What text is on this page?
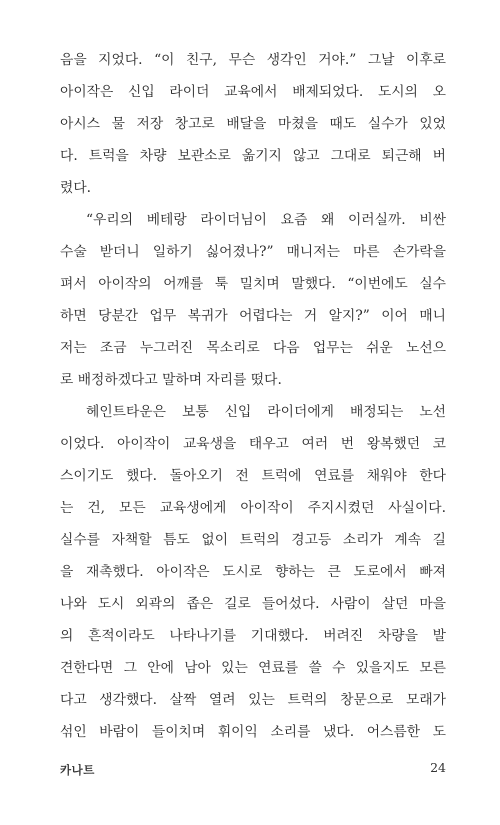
음을 지었다. “이 친구, 무슨 생각인 거야.” 그날 이후로
아이작은 신입 라이더 교육에서 배제되었다. 도시의 오
아시스 물 저장 창고로 배달을 마쳤을 때도 실수가 있었
다. 트럭을 차량 보관소로 옮기지 않고 그대로 퇴근해 버
렸다.
“우리의 베테랑 라이더님이 요즘 왜 이러실까. 비싼
수술 받더니 일하기 싫어졌나?” 매니저는 마른 손가락을
펴서 아이작의 어깨를 툭 밀치며 말했다. “이번에도 실수
하면 당분간 업무 복귀가 어렵다는 거 알지?” 이어 매니
저는 조금 누그러진 목소리로 다음 업무는 쉬운 노선으
로 배정하겠다고 말하며 자리를 떴다.
헤인트타운은 보통 신입 라이더에게 배정되는 노선
이었다. 아이작이 교육생을 태우고 여러 번 왕복했던 코
스이기도 했다. 돌아오기 전 트럭에 연료를 채워야 한다
는 건, 모든 교육생에게 아이작이 주지시켰던 사실이다.
실수를 자책할 틈도 없이 트럭의 경고등 소리가 계속 길
을 재촉했다. 아이작은 도시로 향하는 큰 도로에서 빠져
나와 도시 외곽의 좁은 길로 들어섰다. 사람이 살던 마을
의 흔적이라도 나타나기를 기대했다. 버려진 차량을 발
견한다면 그 안에 남아 있는 연료를 쓸 수 있을지도 모른
다고 생각했다. 살짝 열려 있는 트럭의 창문으로 모래가
섞인 바람이 들이치며 휘이익 소리를 냈다. 어스름한 도
카나트	24
